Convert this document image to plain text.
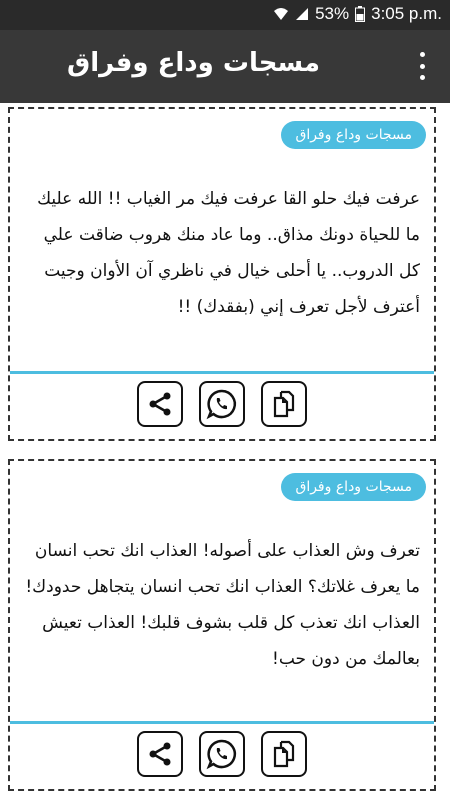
53% 3:05 p.m.
مسجات وداع وفراق
مسجات وداع وفراق
عرفت فيك حلو القا عرفت فيك مر الغياب !! الله عليك ما للحياة دونك مذاق.. وما عاد منك هروب ضاقت علي كل الدروب.. يا أحلى خيال في ناظري آن الأوان وجيت أعترف لأجل تعرف إني (بفقدك) !!
مسجات وداع وفراق
تعرف وش العذاب على أصوله! العذاب انك تحب انسان ما يعرف غلاتك؟ العذاب انك تحب انسان يتجاهل حدودك! العذاب انك تعذب كل قلب بشوف قلبك! العذاب تعيش بعالمك من دون حب!
